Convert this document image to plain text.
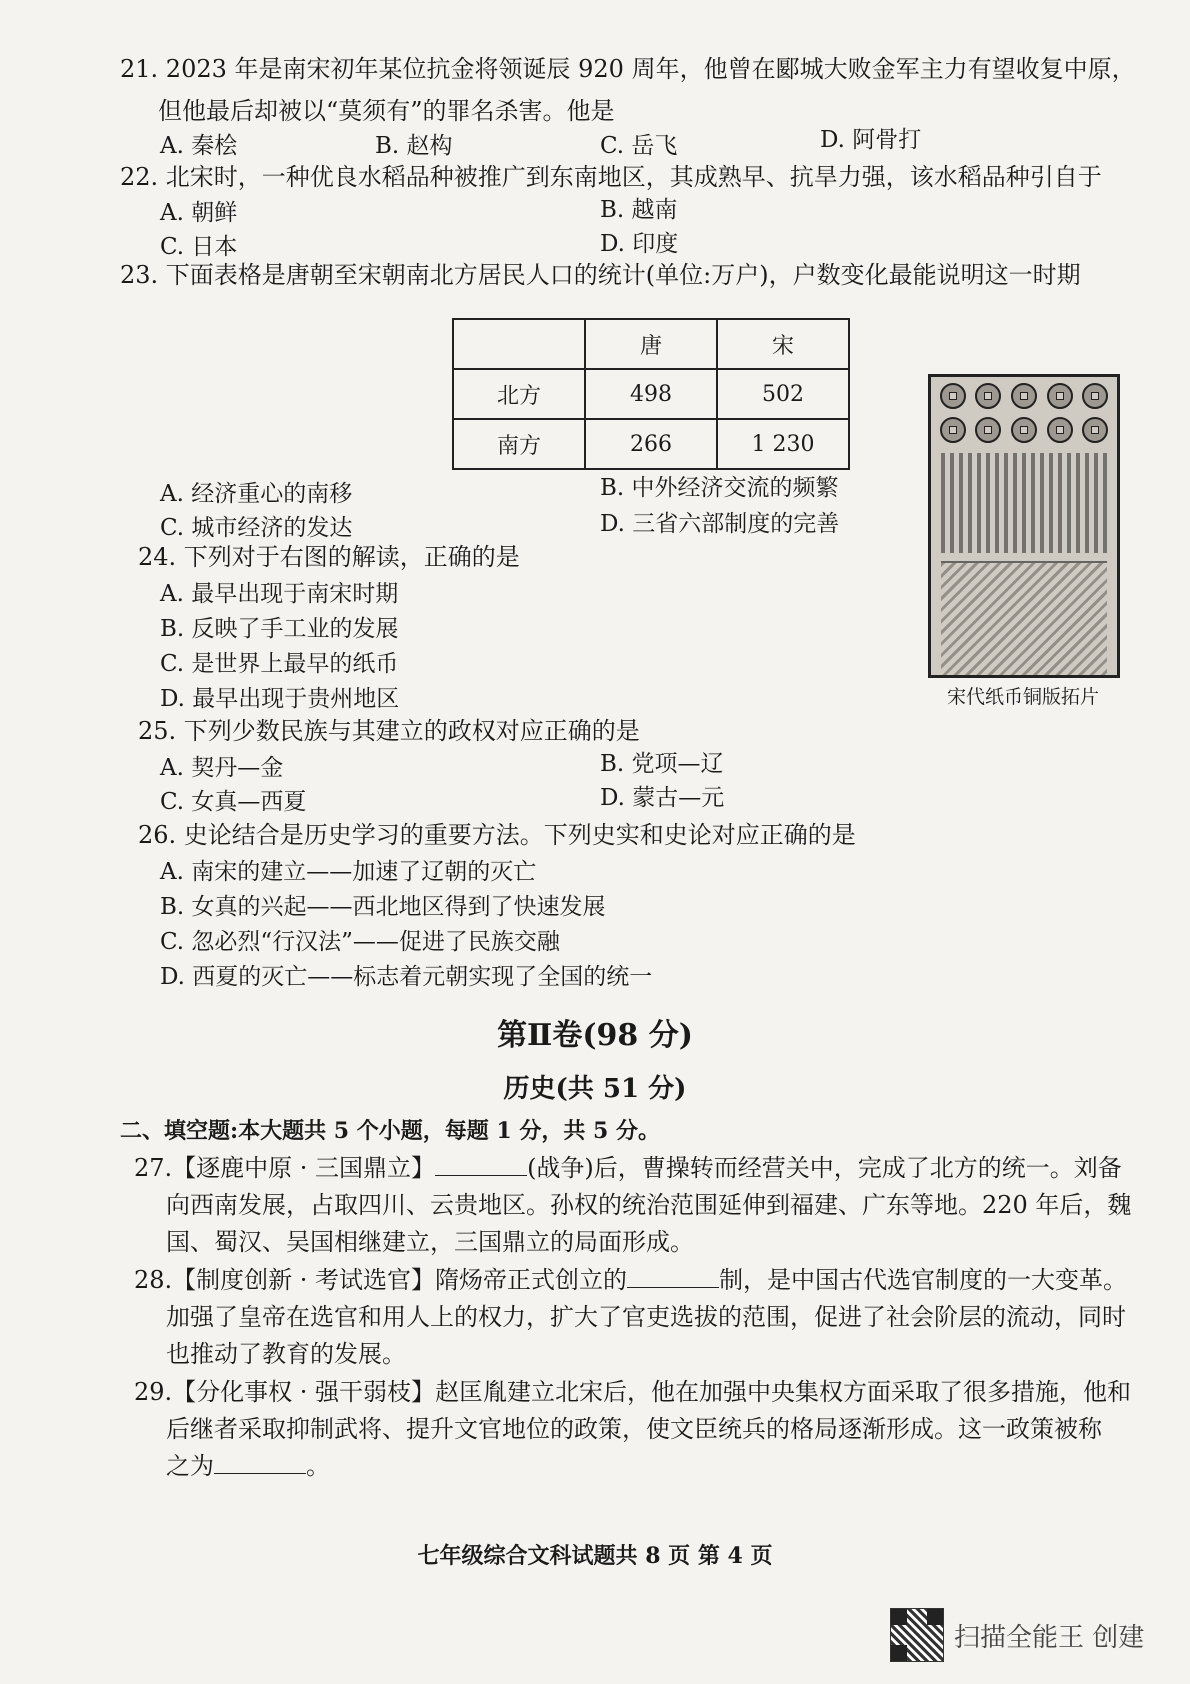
21. 2023 年是南宋初年某位抗金将领诞辰 920 周年，他曾在郾城大败金军主力有望收复中原，
但他最后却被以“莫须有”的罪名杀害。他是
A. 秦桧	B. 赵构	C. 岳飞	D. 阿骨打
22. 北宋时，一种优良水稻品种被推广到东南地区，其成熟早、抗旱力强，该水稻品种引自于
A. 朝鲜	B. 越南
C. 日本	D. 印度
23. 下面表格是唐朝至宋朝南北方居民人口的统计(单位:万户)，户数变化最能说明这一时期
	唐	宋
北方	498	502
南方	266	1 230
A. 经济重心的南移	B. 中外经济交流的频繁
C. 城市经济的发达	D. 三省六部制度的完善
宋代纸币铜版拓片
24. 下列对于右图的解读，正确的是
A. 最早出现于南宋时期
B. 反映了手工业的发展
C. 是世界上最早的纸币
D. 最早出现于贵州地区
25. 下列少数民族与其建立的政权对应正确的是
A. 契丹—金	B. 党项—辽
C. 女真—西夏	D. 蒙古—元
26. 史论结合是历史学习的重要方法。下列史实和史论对应正确的是
A. 南宋的建立——加速了辽朝的灭亡
B. 女真的兴起——西北地区得到了快速发展
C. 忽必烈“行汉法”——促进了民族交融
D. 西夏的灭亡——标志着元朝实现了全国的统一
第Ⅱ卷(98 分)
历史(共 51 分)
二、填空题:本大题共 5 个小题，每题 1 分，共 5 分。
27.【逐鹿中原 · 三国鼎立】	(战争)后，曹操转而经营关中，完成了北方的统一。刘备
向西南发展，占取四川、云贵地区。孙权的统治范围延伸到福建、广东等地。220 年后，魏
国、蜀汉、吴国相继建立，三国鼎立的局面形成。
28.【制度创新 · 考试选官】隋炀帝正式创立的	制，是中国古代选官制度的一大变革。
加强了皇帝在选官和用人上的权力，扩大了官吏选拔的范围，促进了社会阶层的流动，同时
也推动了教育的发展。
29.【分化事权 · 强干弱枝】赵匡胤建立北宋后，他在加强中央集权方面采取了很多措施，他和
后继者采取抑制武将、提升文官地位的政策，使文臣统兵的格局逐渐形成。这一政策被称
之为	。
七年级综合文科试题共 8 页 第 4 页
扫描全能王 创建
